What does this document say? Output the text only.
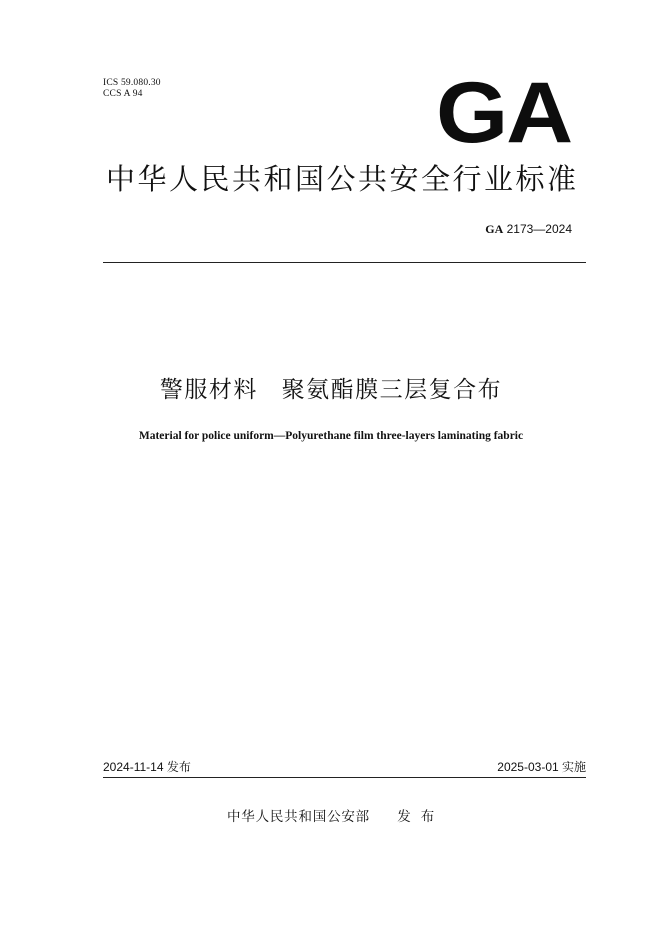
ICS 59.080.30
CCS A 94	GA
中华人民共和国公共安全行业标准
GA 2173—2024
警服材料   聚氨酯膜三层复合布
Material for police uniform—Polyurethane film three-layers laminating fabric
2024-11-14 发布	2025-03-01 实施
中华人民共和国公安部      发  布
